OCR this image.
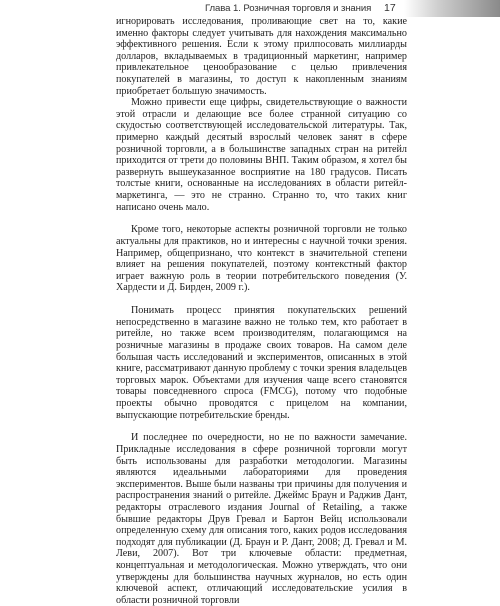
Глава 1. Розничная торговля и знания 17

игнорировать исследования, проливающие свет на то, какие именно факторы следует учитывать для нахождения максимально эффективного решения. Если к этому прилпосовать миллиарды долларов, вкладываемых в традиционный маркетинг, например привлекательное ценообразование с целью привлечения покупателей в магазины, то доступ к накопленным знаниям приобретает большую значимость.

Можно привести еще цифры, свидетельствующие о важности этой отрасли и делающие все более странной ситуацию со скудостью соответствующей исследовательской литературы. Так, примерно каждый десятый взрослый человек занят в сфере розничной торговли, а в большинстве западных стран на ритейл приходится от трети до половины ВНП. Таким образом, я хотел бы развернуть вышеуказанное восприятие на 180 градусов. Писать толстые книги, основанные на исследованиях в области ритейл-маркетинга, — это не странно. Странно то, что таких книг написано очень мало.

Кроме того, некоторые аспекты розничной торговли не только актуальны для практиков, но и интересны с научной точки зрения. Например, общепризнано, что контекст в значительной степени влияет на решения покупателей, поэтому контекстный фактор играет важную роль в теории потребительского поведения (У. Хардести и Д. Бирден, 2009 г.).

Понимать процесс принятия покупательских решений непосредственно в магазине важно не только тем, кто работает в ритейле, но также всем производителям, полагающимся на розничные магазины в продаже своих товаров. На самом деле большая часть исследований и экспериментов, описанных в этой книге, рассматривают данную проблему с точки зрения владельцев торговых марок. Объектами для изучения чаще всего становятся товары повседневного спроса (FMCG), потому что подобные проекты обычно проводятся с прицелом на компании, выпускающие потребительские бренды.

И последнее по очередности, но не по важности замечание. Прикладные исследования в сфере розничной торговли могут быть использованы для разработки методологии. Магазины являются идеальными лабораториями для проведения экспериментов. Выше были названы три причины для получения и распространения знаний о ритейле. Джеймс Браун и Раджив Дант, редакторы отраслевого издания Journal of Retailing, а также бывшие редакторы Друв Гревал и Бартон Вейц использовали определенную схему для описания того, каких родов исследования подходят для публикации (Д. Браун и Р. Дант, 2008; Д. Гревал и М. Леви, 2007). Вот три ключевые области: предметная, концептуальная и методологическая. Можно утверждать, что они утверждены для большинства научных журналов, но есть один ключевой аспект, отличающий исследовательские усилия в области розничной торговли
